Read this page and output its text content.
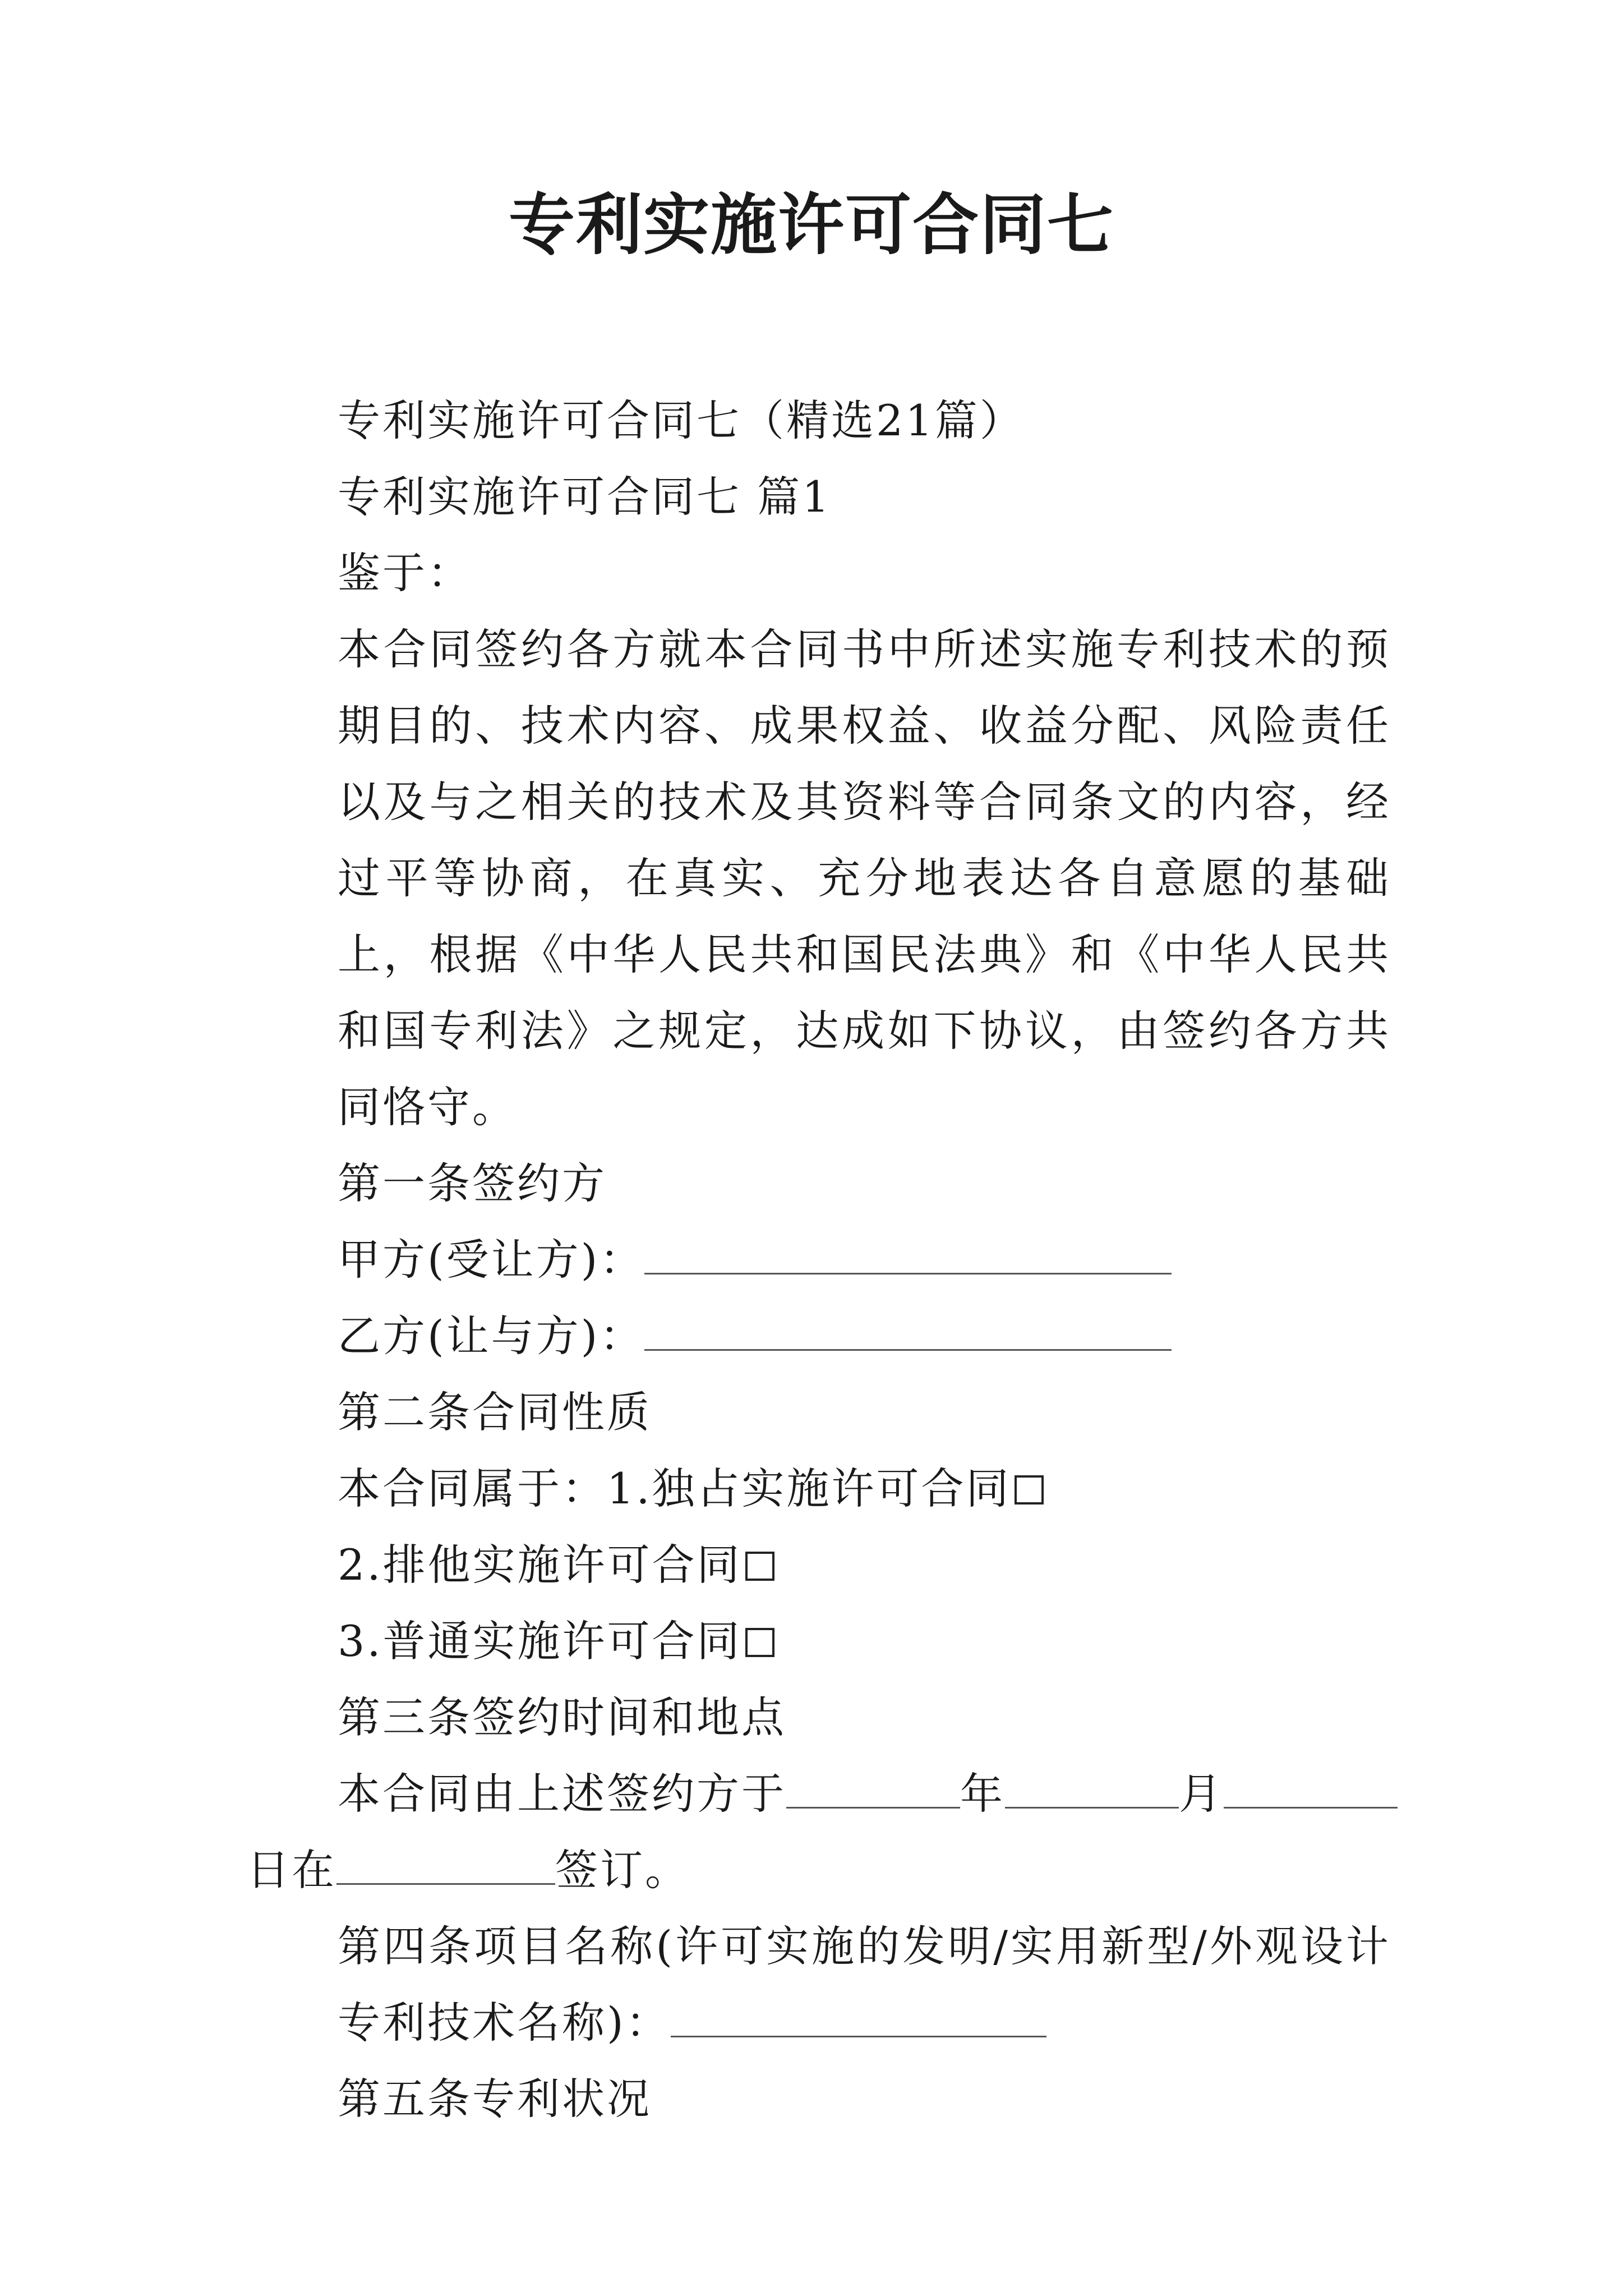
专利实施许可合同七

专利实施许可合同七（精选21篇）

专利实施许可合同七 篇1

鉴于：

本合同签约各方就本合同书中所述实施专利技术的预期目的、技术内容、成果权益、收益分配、风险责任以及与之相关的技术及其资料等合同条文的内容，经过平等协商，在真实、充分地表达各自意愿的基础上，根据《中华人民共和国民法典》和《中华人民共和国专利法》之规定，达成如下协议，由签约各方共同恪守。

第一条签约方

甲方(受让方)：

乙方(让与方)：

第二条合同性质

本合同属于：1.独占实施许可合同

2.排他实施许可合同

3.普通实施许可合同

第三条签约时间和地点

本合同由上述签约方于	年	月

日在	签订。

第四条项目名称(许可实施的发明/实用新型/外观设计专利技术名称)：

第五条专利状况
